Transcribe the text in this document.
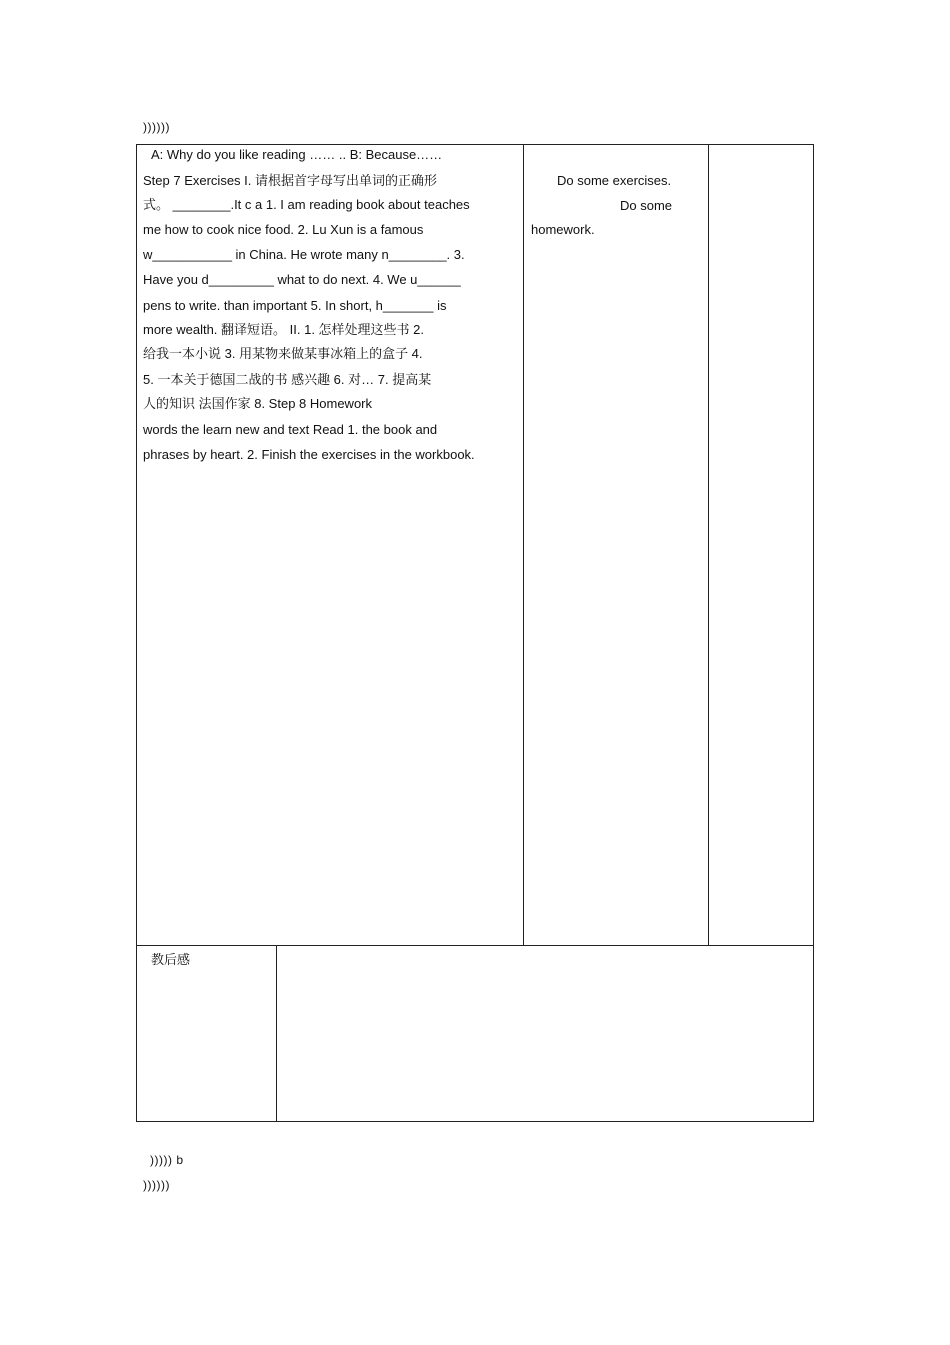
))))))
A: Why do you like reading …… .. B: Because……
Step 7 Exercises I. 请根据首字母写出单词的正确形
式。 ________.It c a 1. I am reading book about teaches
me how to cook nice food. 2. Lu Xun is a famous
w___________ in China. He wrote many n________. 3.
Have you d_________ what to do next. 4. We u______
pens to write. than important 5. In short, h_______ is
more wealth. 翻译短语。 II. 1. 怎样处理这些书 2.
给我一本小说 3. 用某物来做某事冰箱上的盒子 4.
5. 一本关于德国二战的书 感兴趣 6. 对… 7. 提高某
人的知识 法国作家 8. Step 8 Homework
words the learn new and text Read 1. the book and
phrases by heart. 2. Finish the exercises in the workbook.
Do some exercises.
Do some
homework.
教后感
))))) b
))))))
